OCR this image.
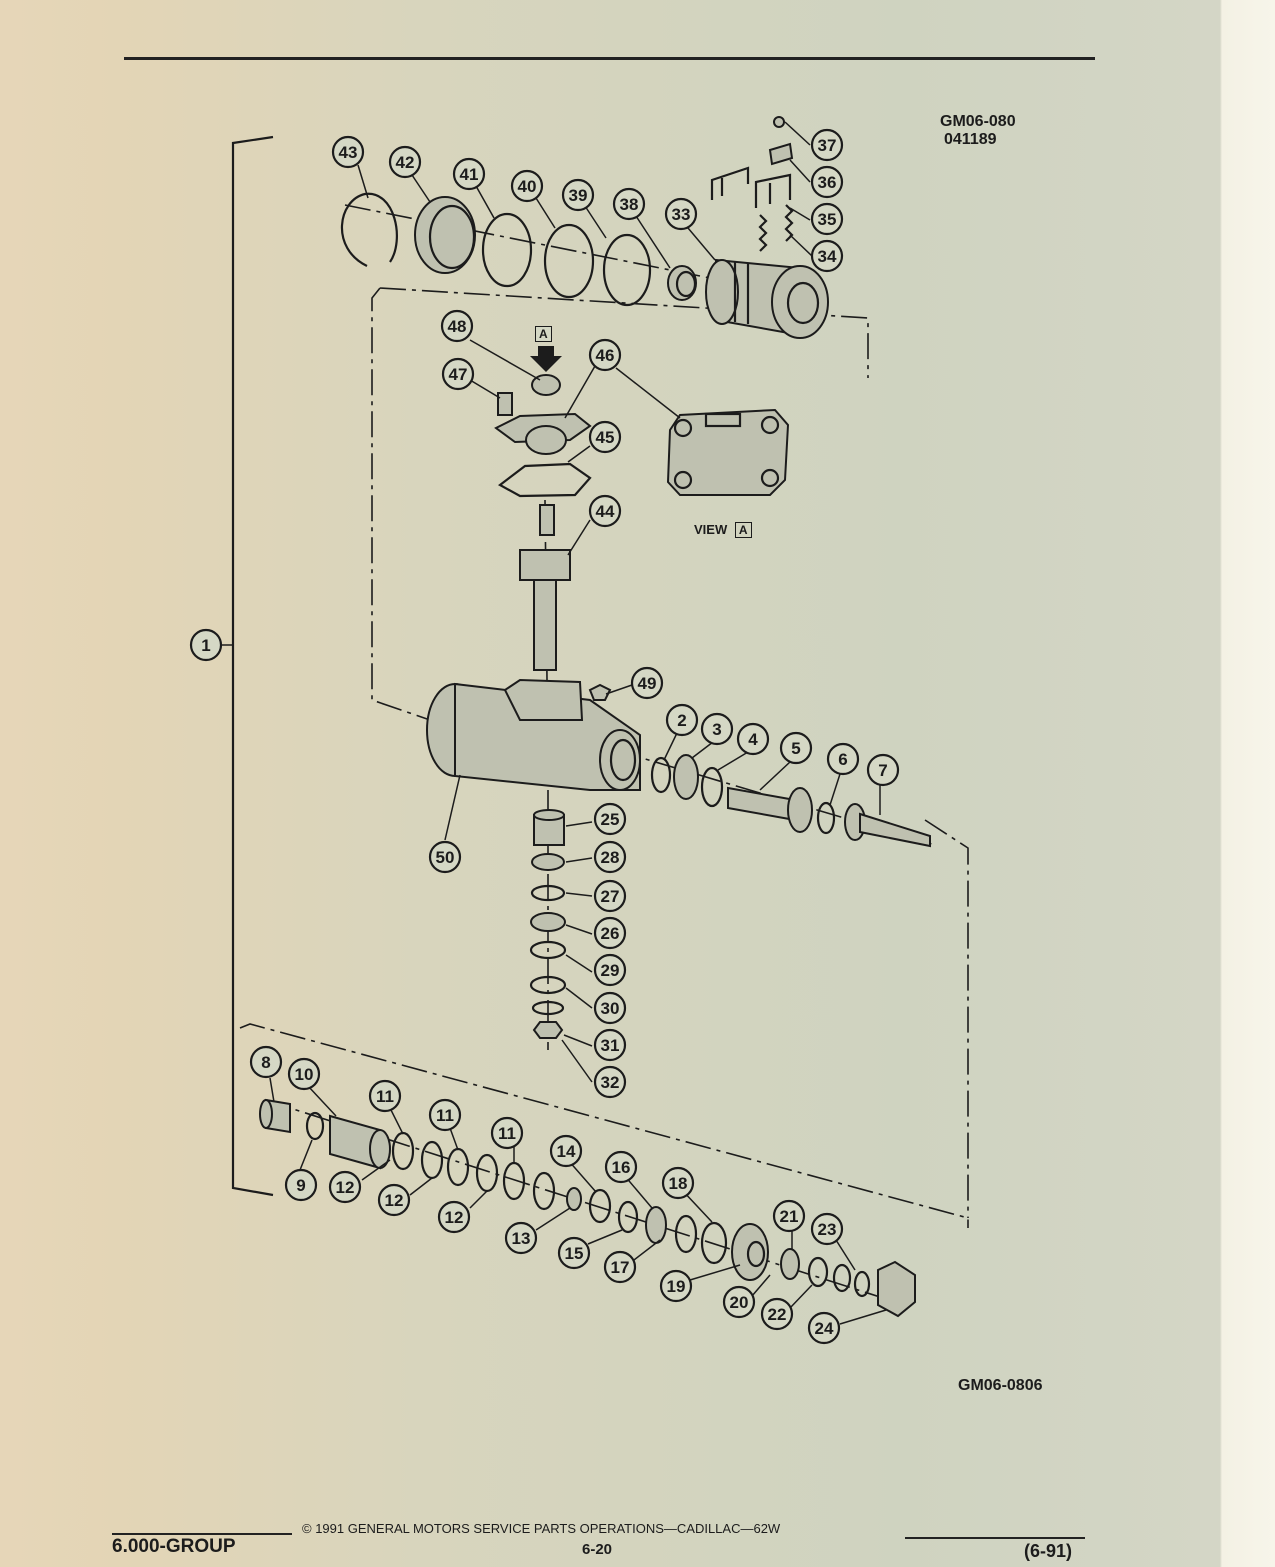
GM06-080
041189
GM06-0806
VIEW A
A
1
2 3
4 5
6
7
8
9
10
11
11
11
12
12
12
13
14
15
16
17
18
19
20
21
22
23
24
25
26
27
28
29
30
31
32
33
34
35
36
37
38
39
40
41
42
43
44
45
46
47
48
49
50
6.000-GROUP
© 1991 GENERAL MOTORS SERVICE PARTS OPERATIONS—CADILLAC—62W
6-20	(6-91)
